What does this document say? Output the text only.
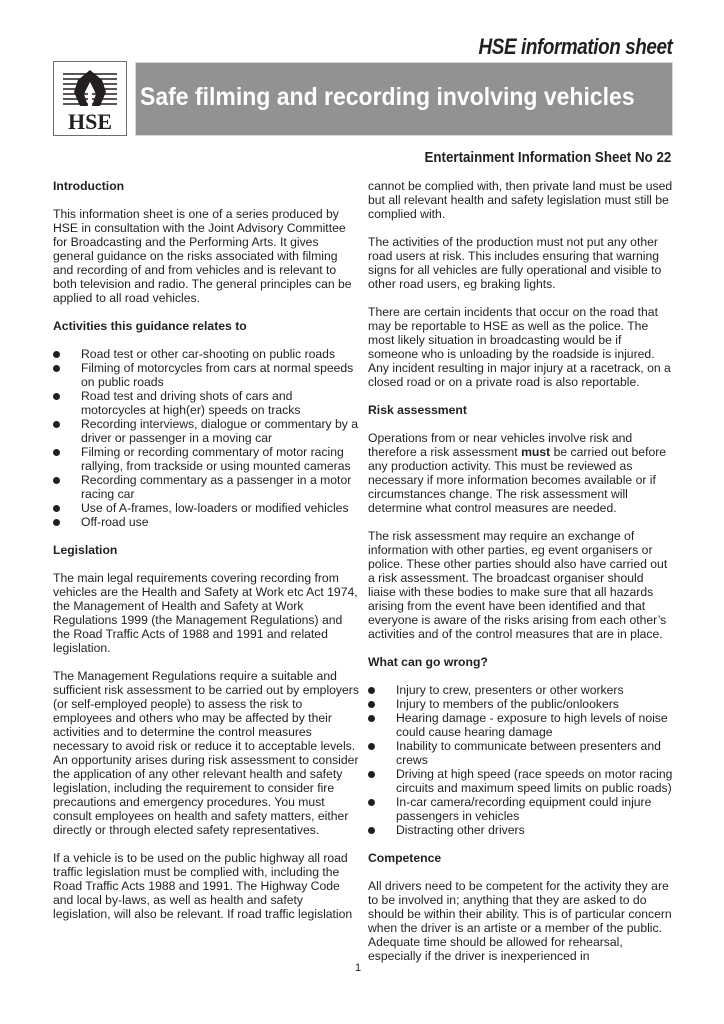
HSE information sheet
HSE
Safe filming and recording involving vehicles
Entertainment Information Sheet No 22
Introduction

This information sheet is one of a series produced by HSE in consultation with the Joint Advisory Committee for Broadcasting and the Performing Arts. It gives general guidance on the risks associated with filming and recording of and from vehicles and is relevant to both television and radio. The general principles can be applied to all road vehicles.

Activities this guidance relates to
Road test or other car-shooting on public roads
Filming of motorcycles from cars at normal speeds on public roads
Road test and driving shots of cars and motorcycles at high(er) speeds on tracks
Recording interviews, dialogue or commentary by a driver or passenger in a moving car
Filming or recording commentary of motor racing rallying, from trackside or using mounted cameras
Recording commentary as a passenger in a motor racing car
Use of A-frames, low-loaders or modified vehicles
Off-road use
Legislation

The main legal requirements covering recording from vehicles are the Health and Safety at Work etc Act 1974, the Management of Health and Safety at Work Regulations 1999 (the Management Regulations) and the Road Traffic Acts of 1988 and 1991 and related legislation.

The Management Regulations require a suitable and sufficient risk assessment to be carried out by employers (or self-employed people) to assess the risk to employees and others who may be affected by their activities and to determine the control measures necessary to avoid risk or reduce it to acceptable levels. An opportunity arises during risk assessment to consider the application of any other relevant health and safety legislation, including the requirement to consider fire precautions and emergency procedures. You must consult employees on health and safety matters, either directly or through elected safety representatives.

If a vehicle is to be used on the public highway all road traffic legislation must be complied with, including the Road Traffic Acts 1988 and 1991. The Highway Code and local by-laws, as well as health and safety legislation, will also be relevant. If road traffic legislation

cannot be complied with, then private land must be used but all relevant health and safety legislation must still be complied with.

The activities of the production must not put any other road users at risk. This includes ensuring that warning signs for all vehicles are fully operational and visible to other road users, eg braking lights.

There are certain incidents that occur on the road that may be reportable to HSE as well as the police. The most likely situation in broadcasting would be if someone who is unloading by the roadside is injured. Any incident resulting in major injury at a racetrack, on a closed road or on a private road is also reportable.

Risk assessment

Operations from or near vehicles involve risk and therefore a risk assessment must be carried out before any production activity. This must be reviewed as necessary if more information becomes available or if circumstances change. The risk assessment will determine what control measures are needed.

The risk assessment may require an exchange of information with other parties, eg event organisers or police. These other parties should also have carried out a risk assessment. The broadcast organiser should liaise with these bodies to make sure that all hazards arising from the event have been identified and that everyone is aware of the risks arising from each other’s activities and of the control measures that are in place.

What can go wrong?
Injury to crew, presenters or other workers
Injury to members of the public/onlookers
Hearing damage - exposure to high levels of noise could cause hearing damage
Inability to communicate between presenters and crews
Driving at high speed (race speeds on motor racing circuits and maximum speed limits on public roads)
In-car camera/recording equipment could injure passengers in vehicles
Distracting other drivers
Competence

All drivers need to be competent for the activity they are to be involved in; anything that they are asked to do should be within their ability. This is of particular concern when the driver is an artiste or a member of the public. Adequate time should be allowed for rehearsal, especially if the driver is inexperienced in

1
